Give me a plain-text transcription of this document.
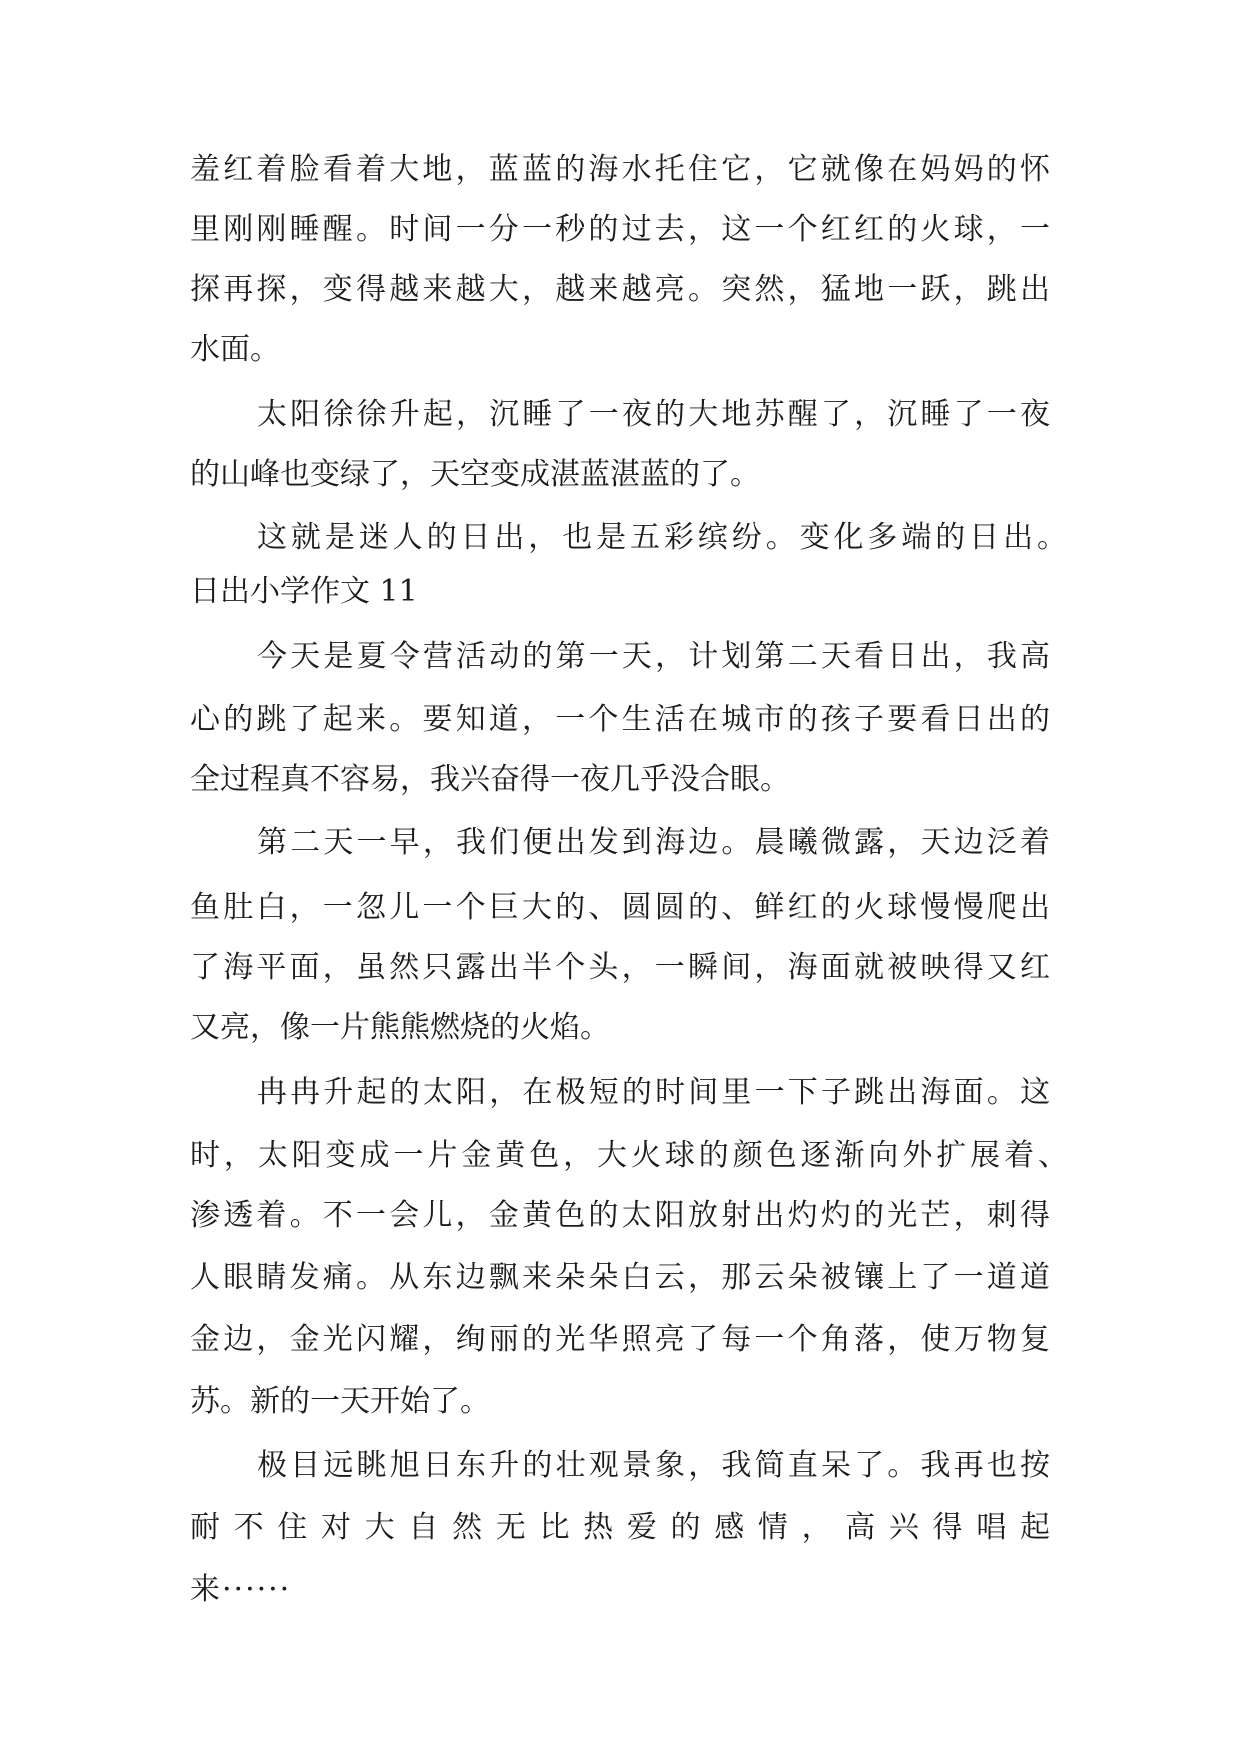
羞红着脸看着大地，蓝蓝的海水托住它，它就像在妈妈的怀

里刚刚睡醒。时间一分一秒的过去，这一个红红的火球，一

探再探，变得越来越大，越来越亮。突然，猛地一跃，跳出

水面。

太阳徐徐升起，沉睡了一夜的大地苏醒了，沉睡了一夜

的山峰也变绿了，天空变成湛蓝湛蓝的了。

这就是迷人的日出，也是五彩缤纷。变化多端的日出。

日出小学作文 11

今天是夏令营活动的第一天，计划第二天看日出，我高

心的跳了起来。要知道，一个生活在城市的孩子要看日出的

全过程真不容易，我兴奋得一夜几乎没合眼。

第二天一早，我们便出发到海边。晨曦微露，天边泛着

鱼肚白，一忽儿一个巨大的、圆圆的、鲜红的火球慢慢爬出

了海平面，虽然只露出半个头，一瞬间，海面就被映得又红

又亮，像一片熊熊燃烧的火焰。

冉冉升起的太阳，在极短的时间里一下子跳出海面。这

时，太阳变成一片金黄色，大火球的颜色逐渐向外扩展着、

渗透着。不一会儿，金黄色的太阳放射出灼灼的光芒，刺得

人眼睛发痛。从东边飘来朵朵白云，那云朵被镶上了一道道

金边，金光闪耀，绚丽的光华照亮了每一个角落，使万物复

苏。新的一天开始了。

极目远眺旭日东升的壮观景象，我简直呆了。我再也按

耐不住对大自然无比热爱的感情，高兴得唱起

来······
